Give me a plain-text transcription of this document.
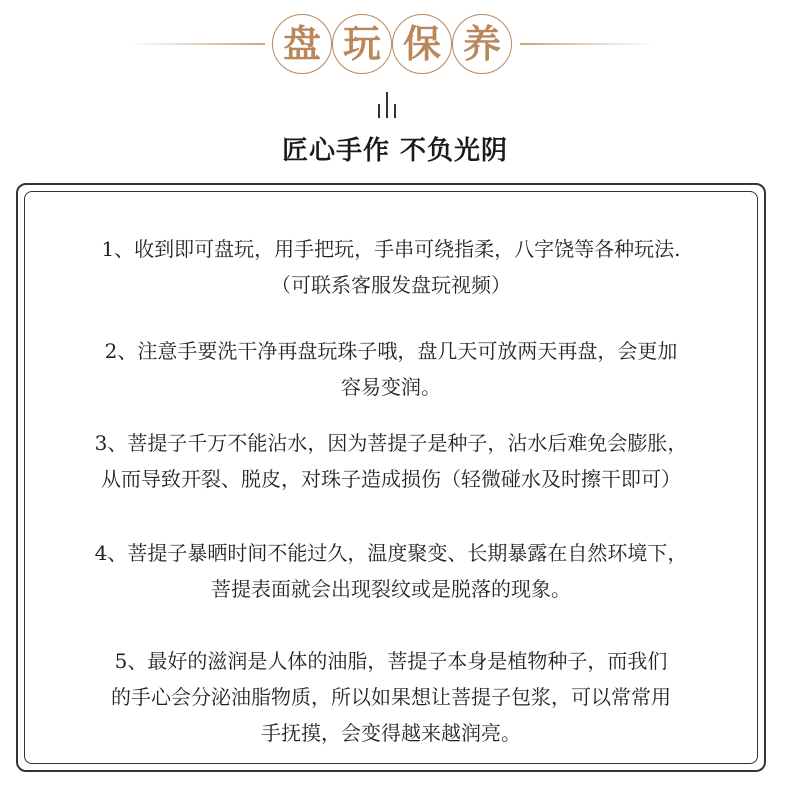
盘 玩 保 养
匠心手作 不负光阴
1、收到即可盘玩，用手把玩，手串可绕指柔，八字饶等各种玩法.
（可联系客服发盘玩视频）
2、注意手要洗干净再盘玩珠子哦，盘几天可放两天再盘，会更加
容易变润。
3、菩提子千万不能沾水，因为菩提子是种子，沾水后难免会膨胀，
从而导致开裂、脱皮，对珠子造成损伤（轻微碰水及时擦干即可）
4、菩提子暴晒时间不能过久，温度聚变、长期暴露在自然环境下，
菩提表面就会出现裂纹或是脱落的现象。
5、最好的滋润是人体的油脂，菩提子本身是植物种子，而我们
的手心会分泌油脂物质，所以如果想让菩提子包浆，可以常常用
手抚摸，会变得越来越润亮。
